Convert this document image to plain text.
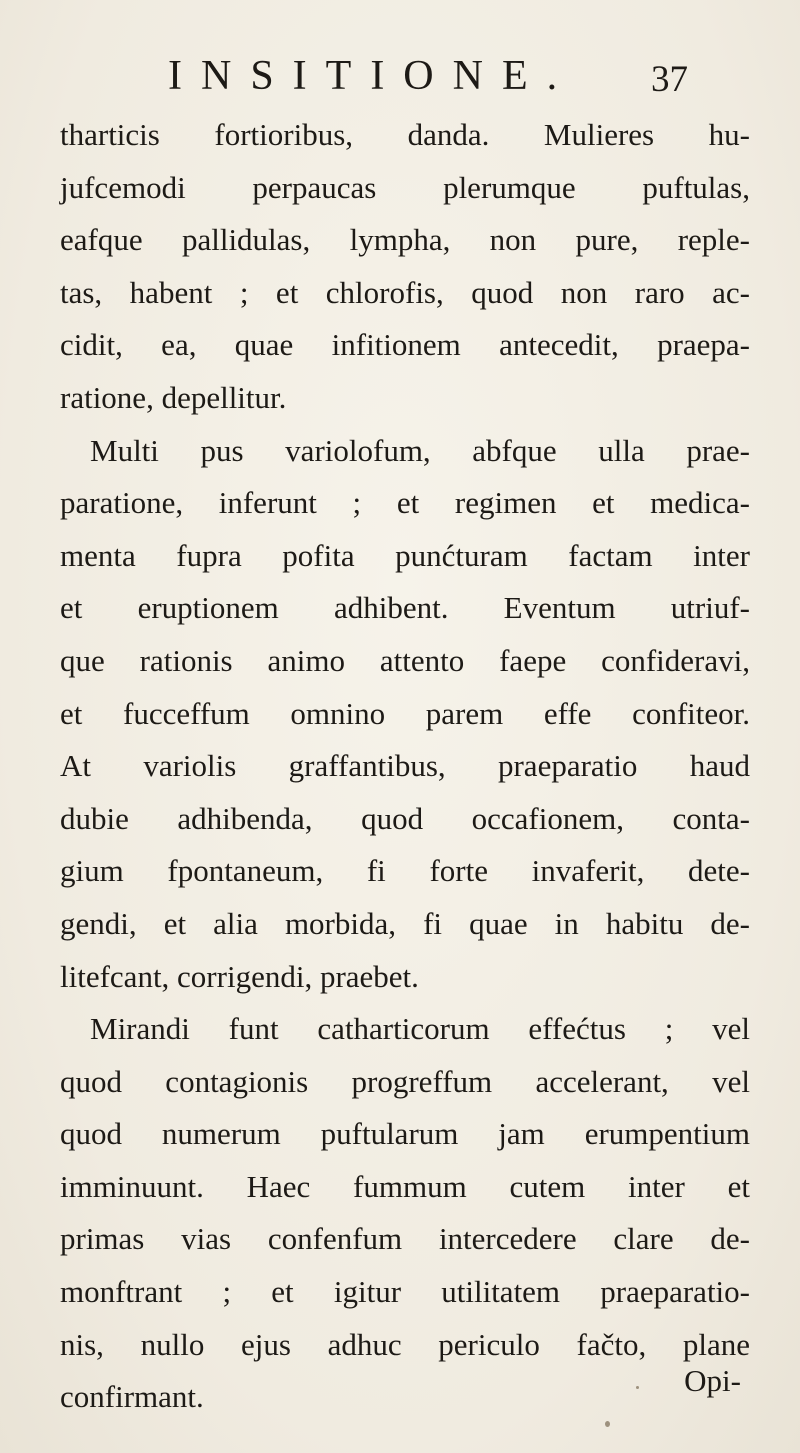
INSITIONE. 37
tharticis fortioribus, danda. Mulieres hu-
jufcemodi perpaucas plerumque puftulas,
eafque pallidulas, lympha, non pure, reple-
tas, habent ; et chlorofis, quod non raro ac-
cidit, ea, quae infitionem antecedit, praepa-
ratione, depellitur.
Multi pus variolofum, abfque ulla prae-
paratione, inferunt ; et regimen et medica-
menta fupra pofita punćturam factam inter
et eruptionem adhibent. Eventum utriuf-
que rationis animo attento faepe confideravi,
et fucceffum omnino parem effe confiteor.
At variolis graffantibus, praeparatio haud
dubie adhibenda, quod occafionem, conta-
gium fpontaneum, fi forte invaferit, dete-
gendi, et alia morbida, fi quae in habitu de-
litefcant, corrigendi, praebet.
Mirandi funt catharticorum effećtus ; vel
quod contagionis progreffum accelerant, vel
quod numerum puftularum jam erumpentium
imminuunt. Haec fummum cutem inter et
primas vias confenfum intercedere clare de-
monftrant ; et igitur utilitatem praeparatio-
nis, nullo ejus adhuc periculo fačto, plane
confirmant.	Opi-
